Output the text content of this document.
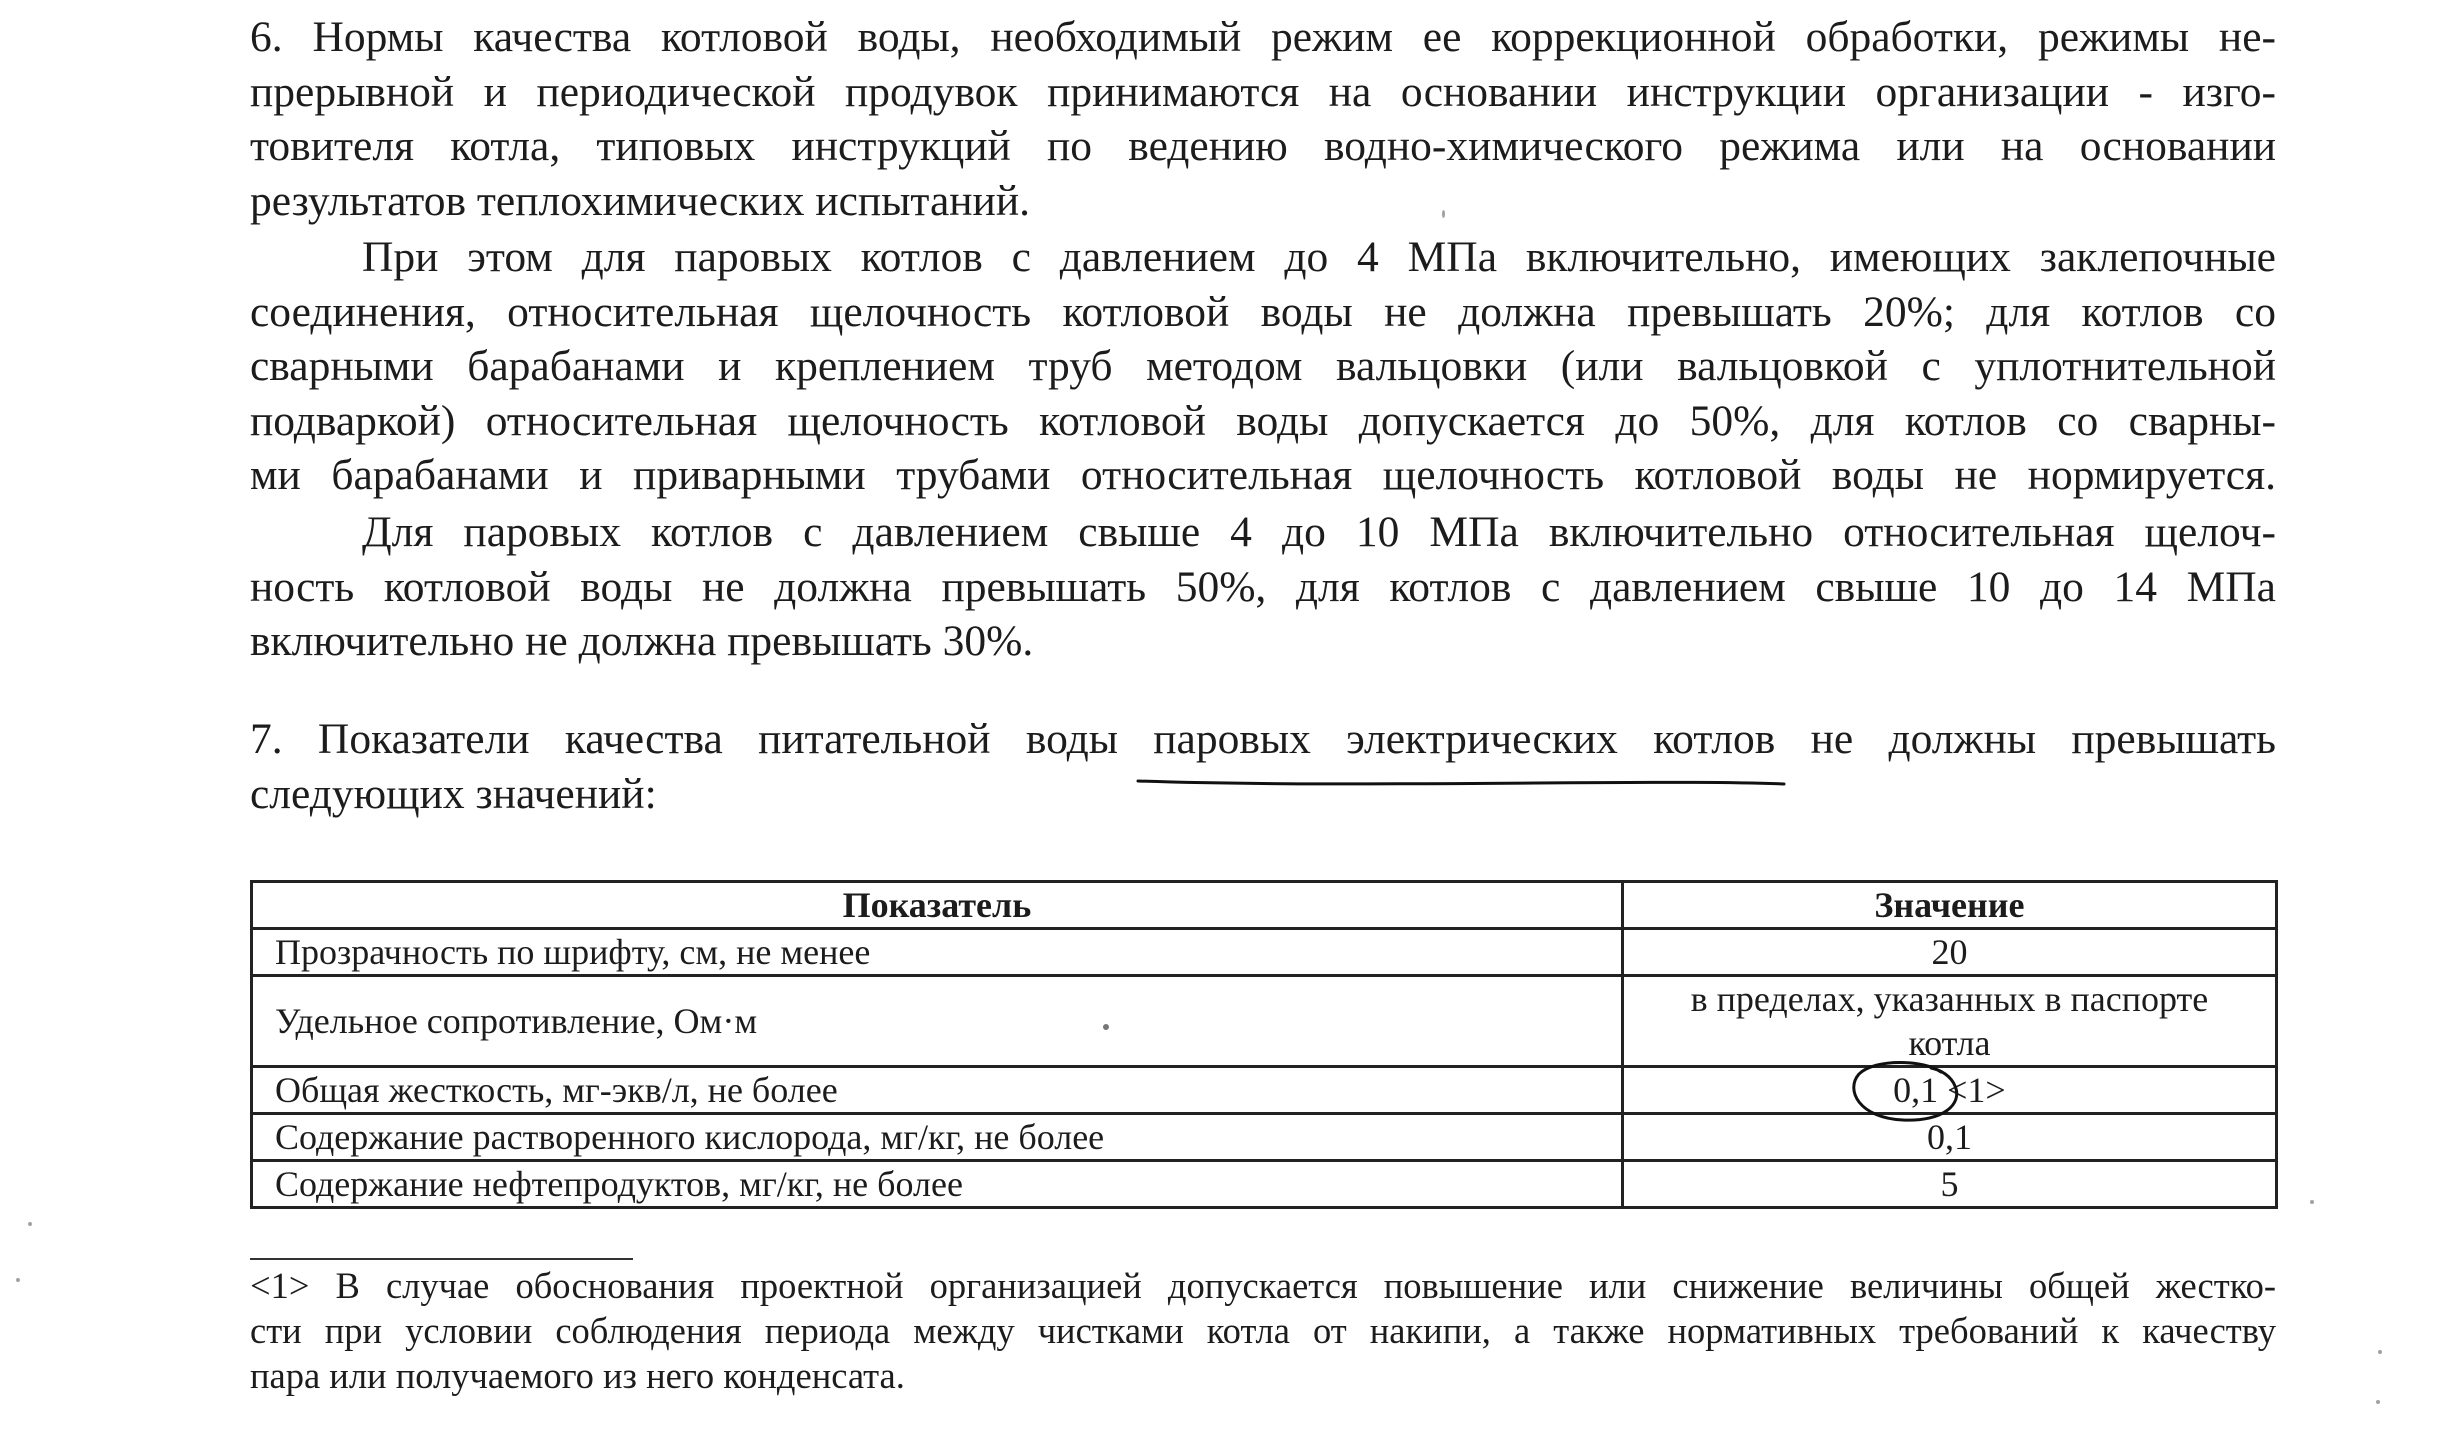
6. Нормы качества котловой воды, необходимый режим ее коррекционной обработки, режимы не-
прерывной и периодической продувок принимаются на основании инструкции организации - изго-
товителя котла, типовых инструкций по ведению водно-химического режима или на основании
результатов теплохимических испытаний.
При этом для паровых котлов с давлением до 4 МПа включительно, имеющих заклепочные
соединения, относительная щелочность котловой воды не должна превышать 20%; для котлов со
сварными барабанами и креплением труб методом вальцовки (или вальцовкой с уплотнительной
подваркой) относительная щелочность котловой воды допускается до 50%, для котлов со сварны-
ми барабанами и приварными трубами относительная щелочность котловой воды не нормируется.
Для паровых котлов с давлением свыше 4 до 10 МПа включительно относительная щелоч-
ность котловой воды не должна превышать 50%, для котлов с давлением свыше 10 до 14 МПа
включительно не должна превышать 30%.
7. Показатели качества питательной воды паровых электрических котлов не должны превышать
следующих значений:
Показатель	Значение
Прозрачность по шрифту, см, не менее	20
Удельное сопротивление, Ом·м	в пределах, указанных в паспорте
котла

Общая жесткость, мг-экв/л, не более	0,1 <1>
Содержание растворенного кислорода, мг/кг, не более	0,1
Содержание нефтепродуктов, мг/кг, не более	5
<1> В случае обоснования проектной организацией допускается повышение или снижение величины общей жестко-
сти при условии соблюдения периода между чистками котла от накипи, а также нормативных требований к качеству
пара или получаемого из него конденсата.
